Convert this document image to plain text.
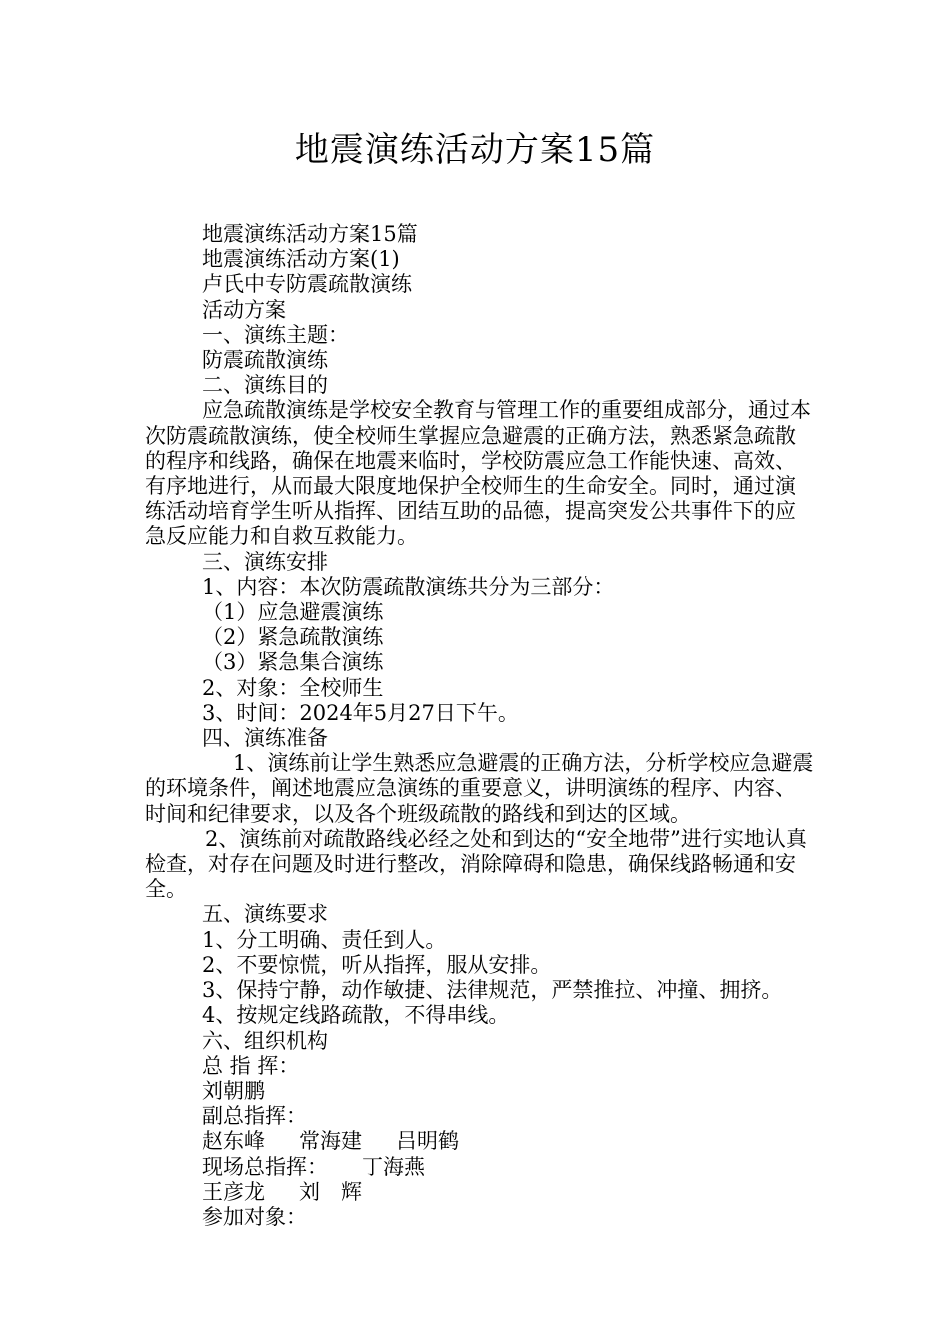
地震演练活动方案15篇

地震演练活动方案15篇

地震演练活动方案(1)

卢氏中专防震疏散演练

活动方案

一、演练主题：

防震疏散演练

二、演练目的

应急疏散演练是学校安全教育与管理工作的重要组成部分，通过本次防震疏散演练，使全校师生掌握应急避震的正确方法，熟悉紧急疏散的程序和线路，确保在地震来临时，学校防震应急工作能快速、高效、有序地进行，从而最大限度地保护全校师生的生命安全。同时，通过演练活动培育学生听从指挥、团结互助的品德，提高突发公共事件下的应急反应能力和自救互救能力。

三、演练安排

1、内容：本次防震疏散演练共分为三部分：

（1）应急避震演练

（2）紧急疏散演练

（3）紧急集合演练

2、对象：全校师生

3、时间：2024年5月27日下午。

四、演练准备

1、演练前让学生熟悉应急避震的正确方法，分析学校应急避震的环境条件，阐述地震应急演练的重要意义，讲明演练的程序、内容、时间和纪律要求，以及各个班级疏散的路线和到达的区域。

2、演练前对疏散路线必经之处和到达的“安全地带”进行实地认真检查，对存在问题及时进行整改，消除障碍和隐患，确保线路畅通和安全。

五、演练要求

1、分工明确、责任到人。

2、不要惊慌，听从指挥，服从安排。

3、保持宁静，动作敏捷、法律规范，严禁推拉、冲撞、拥挤。

4、按规定线路疏散，不得串线。

六、组织机构

总 指 挥：

刘朝鹏

副总指挥：

赵东峰 常海建 吕明鹤

现场总指挥： 丁海燕

王彦龙 刘　辉

参加对象：
